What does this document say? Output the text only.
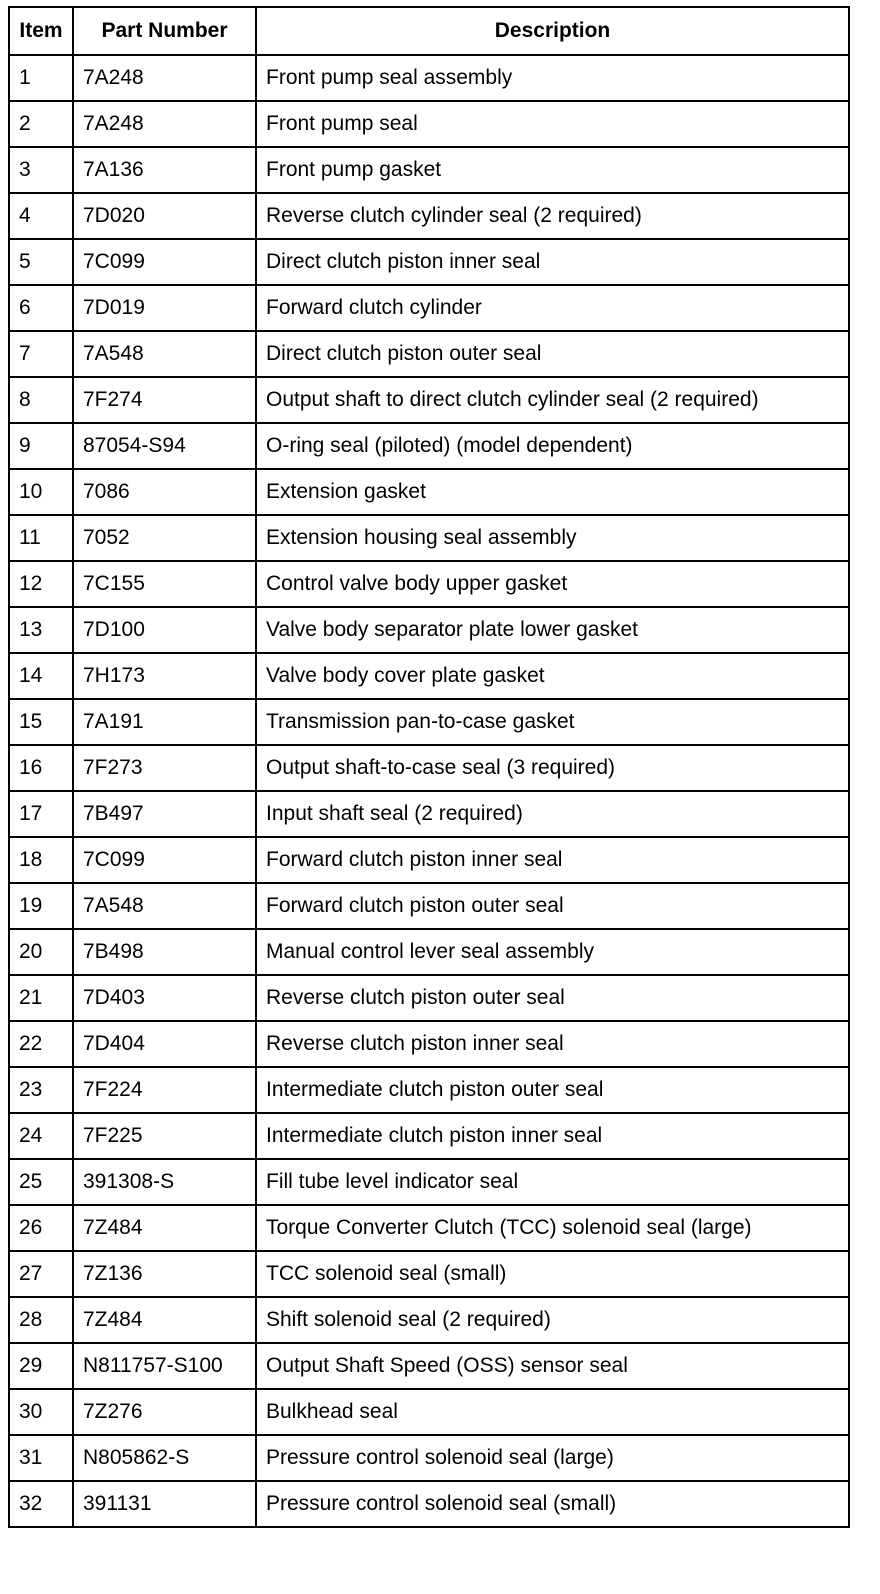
Item	Part Number	Description
1	7A248	Front pump seal assembly
2	7A248	Front pump seal
3	7A136	Front pump gasket
4	7D020	Reverse clutch cylinder seal (2 required)
5	7C099	Direct clutch piston inner seal
6	7D019	Forward clutch cylinder
7	7A548	Direct clutch piston outer seal
8	7F274	Output shaft to direct clutch cylinder seal (2 required)
9	87054-S94	O-ring seal (piloted) (model dependent)
10	7086	Extension gasket
11	7052	Extension housing seal assembly
12	7C155	Control valve body upper gasket
13	7D100	Valve body separator plate lower gasket
14	7H173	Valve body cover plate gasket
15	7A191	Transmission pan-to-case gasket
16	7F273	Output shaft-to-case seal (3 required)
17	7B497	Input shaft seal (2 required)
18	7C099	Forward clutch piston inner seal
19	7A548	Forward clutch piston outer seal
20	7B498	Manual control lever seal assembly
21	7D403	Reverse clutch piston outer seal
22	7D404	Reverse clutch piston inner seal
23	7F224	Intermediate clutch piston outer seal
24	7F225	Intermediate clutch piston inner seal
25	391308-S	Fill tube level indicator seal
26	7Z484	Torque Converter Clutch (TCC) solenoid seal (large)
27	7Z136	TCC solenoid seal (small)
28	7Z484	Shift solenoid seal (2 required)
29	N811757-S100	Output Shaft Speed (OSS) sensor seal
30	7Z276	Bulkhead seal
31	N805862-S	Pressure control solenoid seal (large)
32	391131	Pressure control solenoid seal (small)
